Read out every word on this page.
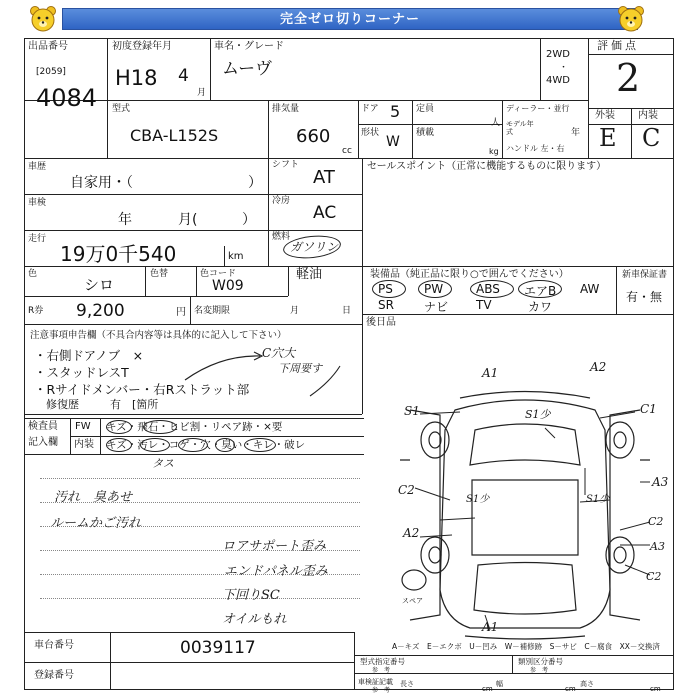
完全ゼロ切りコーナー
出品番号
[2059]
4084
初度登録年月
H18 4
月
車名・グレード
ムーヴ
2WD
・
4WD
評価点
2
型式
CBA-L152S
排気量
660
cc
ドア 5
形状
W
定員
人
積載
kg
ディーラー・並行
モデル年式	年
ハンドル 左・右
外装 内装
E C
車歴
自家用・（	）
シフト
AT
車検
年	月(	）
冷房
AC
走行
19万0千540	km
燃料
ガソリン
軽油
色
シロ
色替	色コード
W09
R券 9,200	円 名変期限	月	日
注意事項申告欄（不具合内容等は具体的に記入して下さい）
・右側ドアノブ　×
・スタッドレスT
・Rサイドメンバー・右Rストラット部
修復歴	有 [箇所
C穴大
下周要す
セールスポイント（正常に機能するものに限ります）
装備品（純正品に限り○で囲んでください）	新車保証書
有・無
PS	PW	ABS エアB AW
SR	ナビ TV	カワ
後日品
検査員
記入欄
FW
内装
キズ・飛石・ヒビ割・リペア跡・×要
キズ・汚レ・コゲ・穴・臭い・キレ・破レ
タス
汚れ　臭あせ
ルームかご汚れ
ロアサポート歪み
エンドパネル歪み
下回りSC
オイルもれ
A1	A2
S1	S1少	C1
C2
S1少	S1少
A3
A2
C2
A3
C2
A1
スペア
A－キズ　E－エクボ　U－凹み　W－補修跡　S－サビ　C－腐食　XX－交換済
車台番号	0039117
登録番号
型式指定番号
参　考
類別区分番号
参　考
車検証記載
参　考
長さ
cm
幅
cm
高さ
cm
